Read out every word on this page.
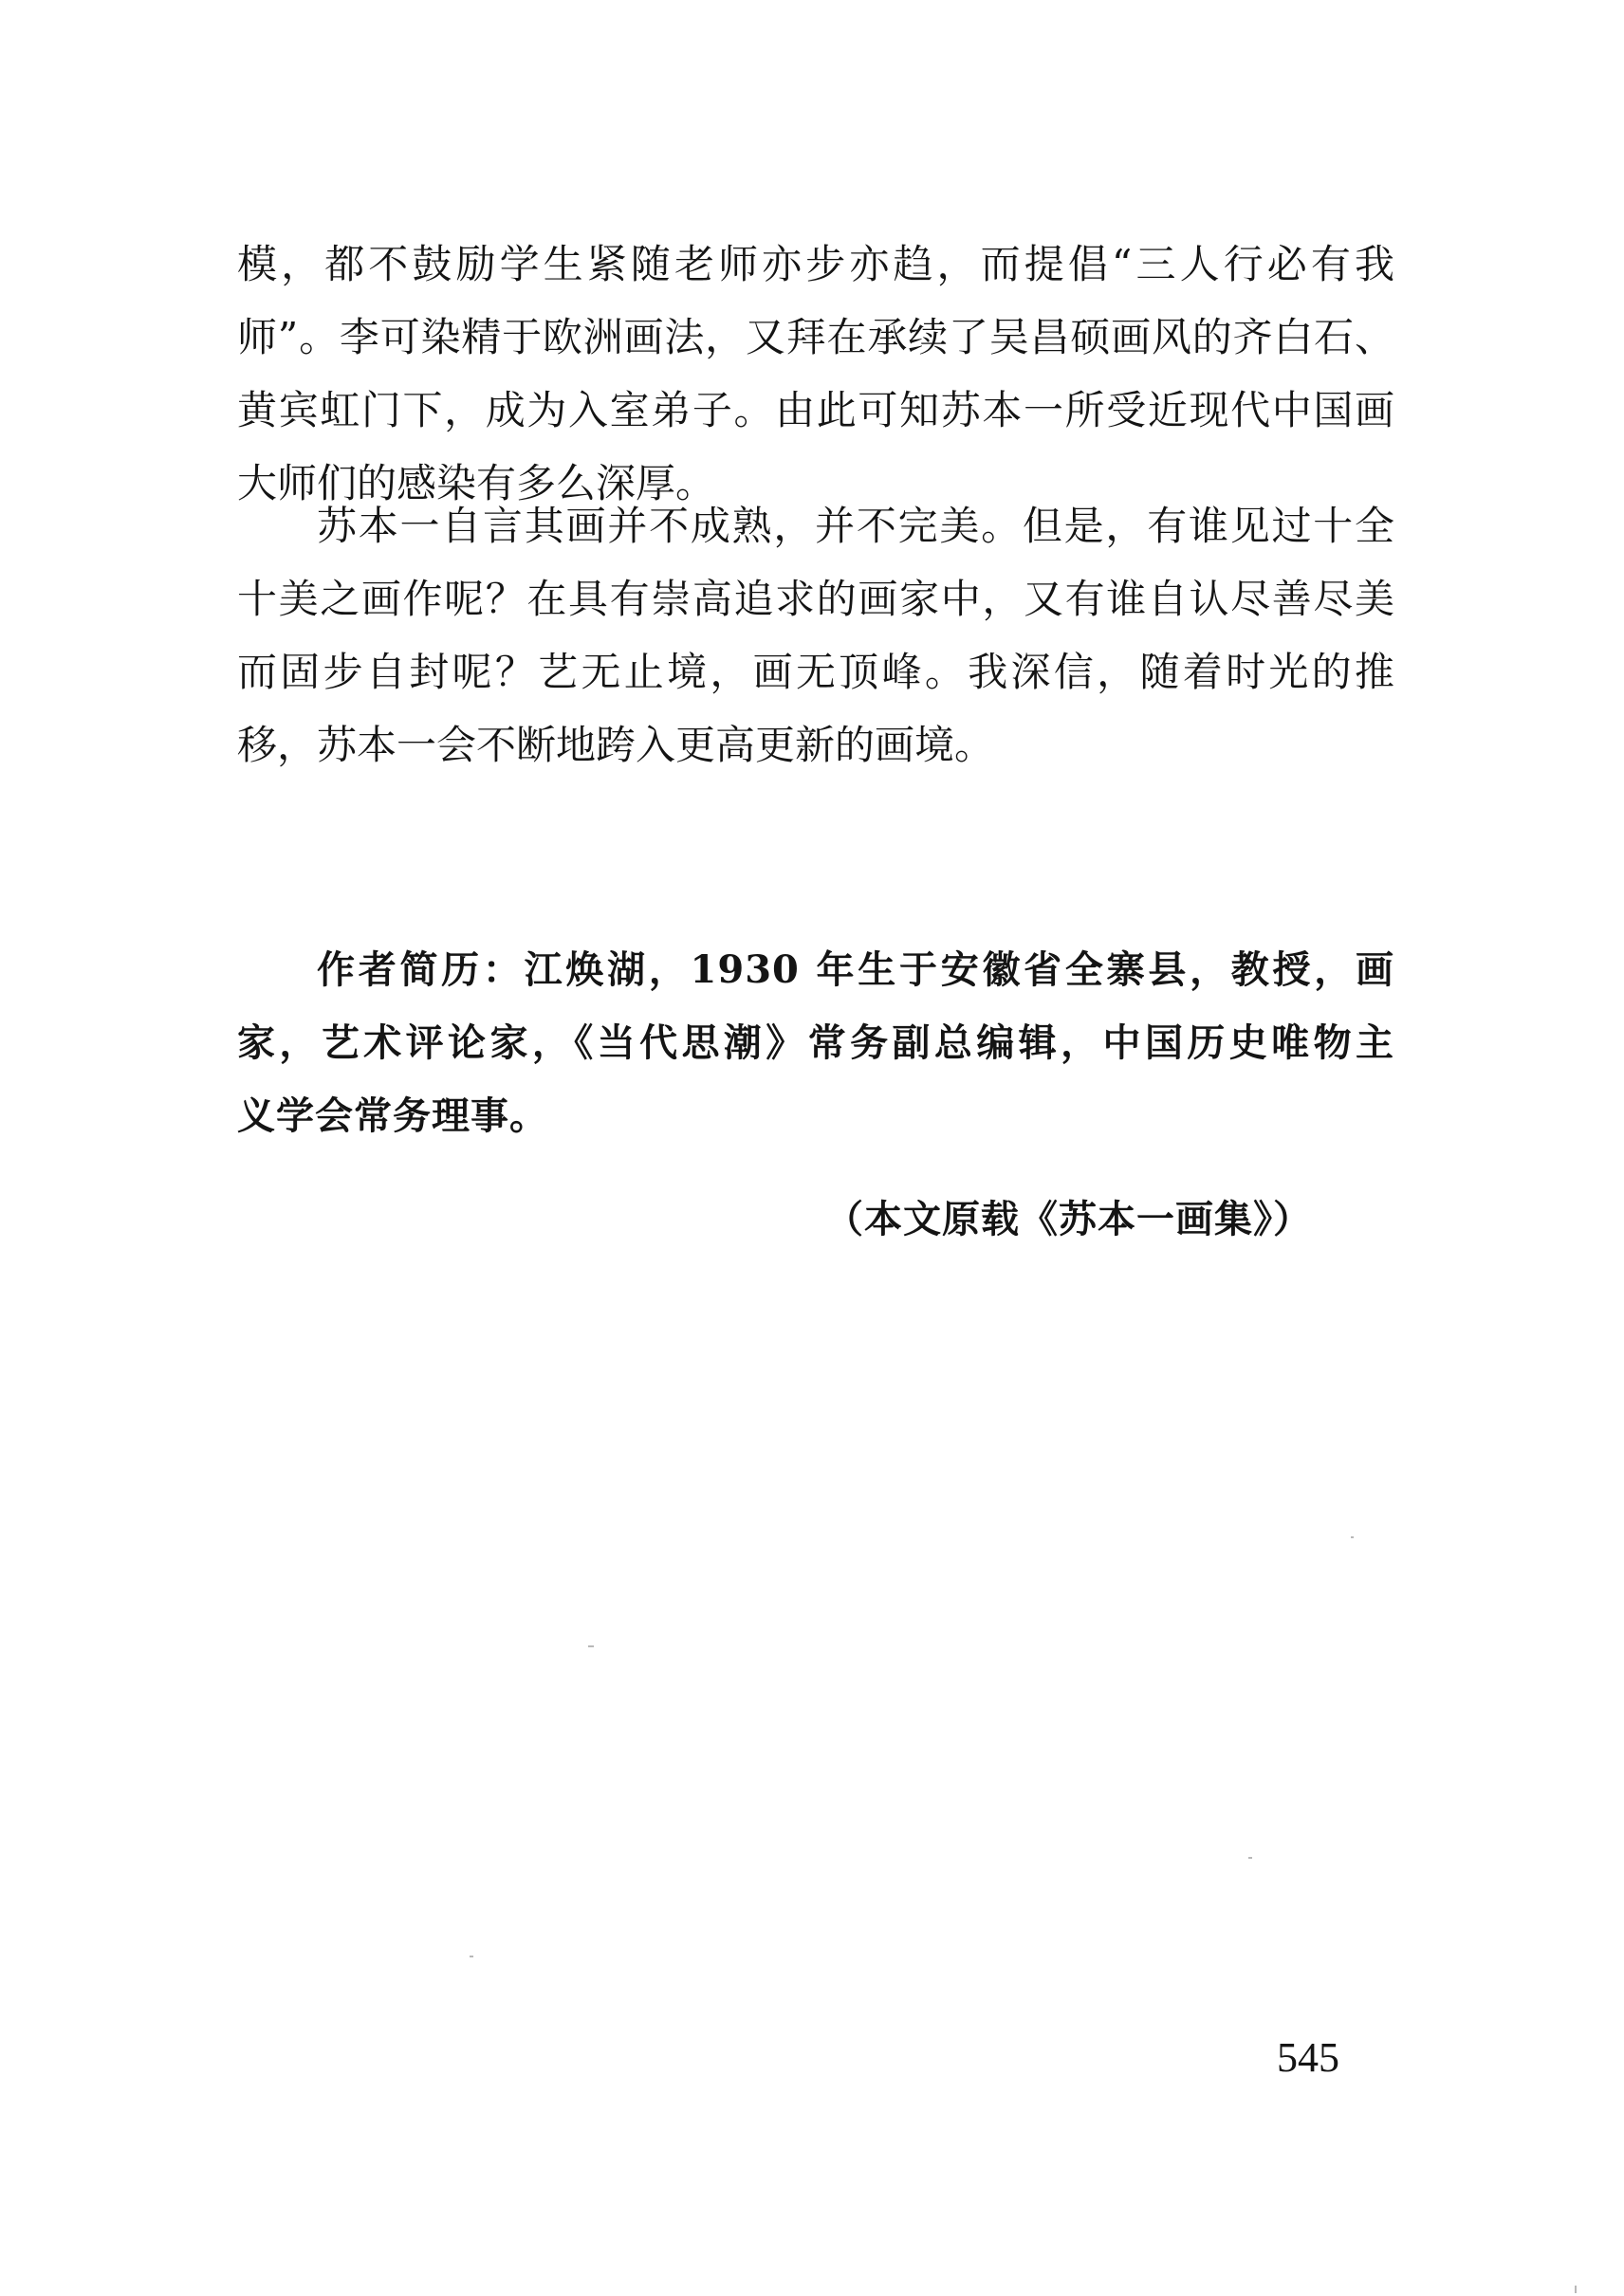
模，都不鼓励学生紧随老师亦步亦趋，而提倡“三人行必有我
师”。李可染精于欧洲画法，又拜在承续了吴昌硕画风的齐白石、
黄宾虹门下，成为入室弟子。由此可知苏本一所受近现代中国画
大师们的感染有多么深厚。
苏本一自言其画并不成熟，并不完美。但是，有谁见过十全
十美之画作呢？在具有崇高追求的画家中，又有谁自认尽善尽美
而固步自封呢？艺无止境，画无顶峰。我深信，随着时光的推
移，苏本一会不断地跨入更高更新的画境。
作者简历：江焕湖，1930 年生于安徽省全寨县，教授，画
家，艺术评论家，《当代思潮》常务副总编辑，中国历史唯物主
义学会常务理事。
（本文原载《苏本一画集》）
545
